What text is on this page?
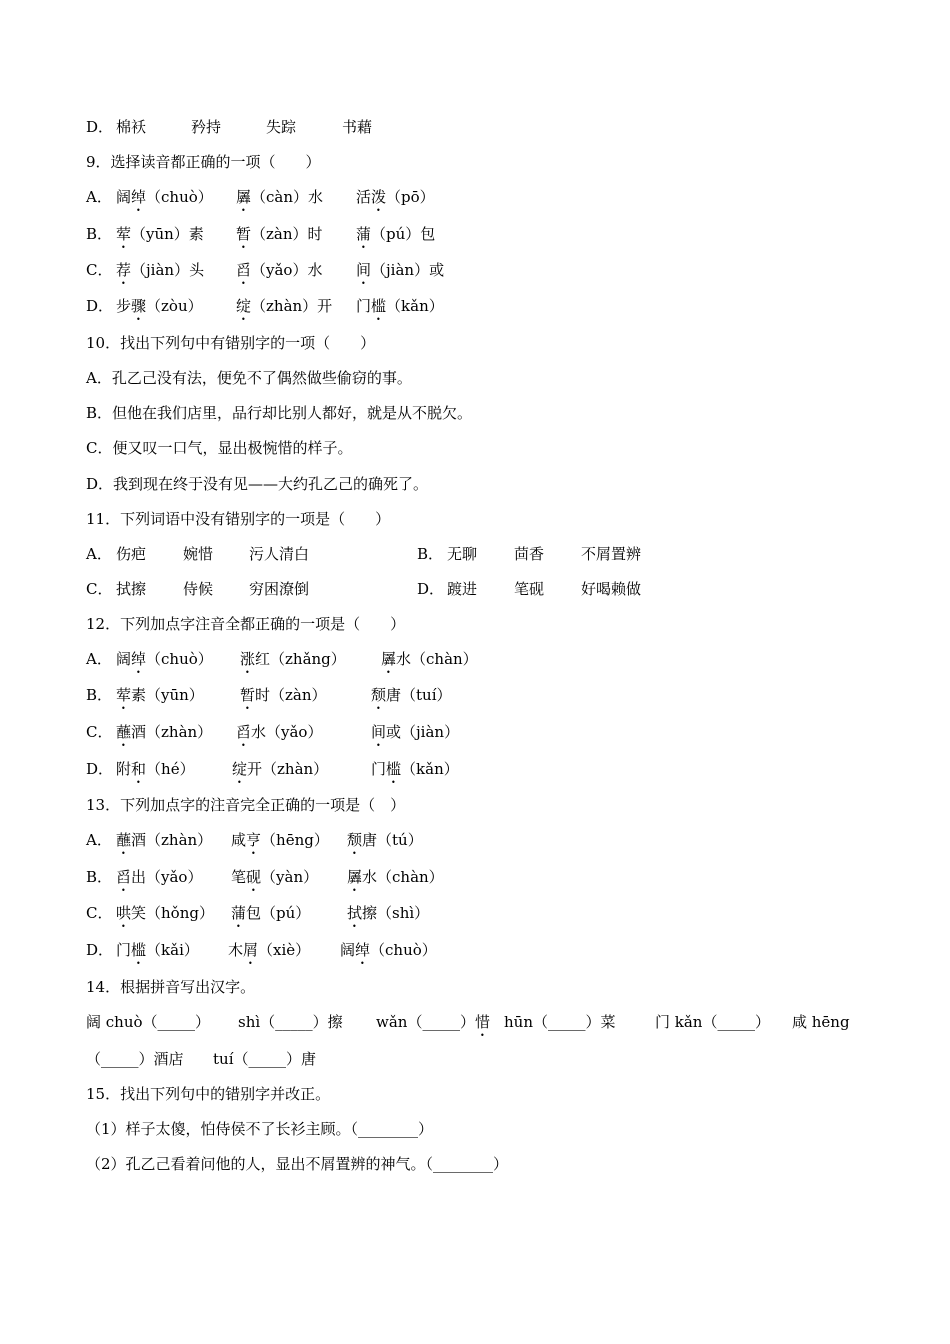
D． 棉袄	矜持	失踪	书藉
9．选择读音都正确的一项（　　）
A． 阔绰（chuò） 羼（càn）水 活泼（pō）
B． 荤（yūn）素 暂（zàn）时 蒲（pú）包
C． 荐（jiàn）头 舀（yǎo）水 间（jiàn）或
D． 步骤（zòu） 绽（zhàn）开 门槛（kǎn）
10．找出下列句中有错别字的一项（　　）
A．孔乙己没有法，便免不了偶然做些偷窃的事。
B．但他在我们店里，品行却比别人都好，就是从不脱欠。
C．便又叹一口气，显出极惋惜的样子。
D．我到现在终于没有见——大约孔乙己的确死了。
11．下列词语中没有错别字的一项是（　　）
A． 伤疤 婉惜 污人清白	B． 无聊 茴香 不屑置辨
C． 拭擦 侍候 穷困潦倒	D． 踱进 笔砚 好喝赖做
12．下列加点字注音全都正确的一项是（　　）
A． 阔绰（chuò） 涨红（zhǎng） 羼水（chàn）
B． 荤素（yūn） 暂时（zàn）	颓唐（tuí）
C． 蘸酒（zhàn） 舀水（yǎo）	间或（jiàn）
D． 附和（hé） 绽开（zhàn）	门槛（kǎn）
13．下列加点字的注音完全正确的一项是（　）
A． 蘸酒（zhàn） 咸亨（hēng） 颓唐（tú）
B． 舀出（yǎo） 笔砚（yàn） 羼水（chàn）
C． 哄笑（hǒng） 蒲包（pú） 拭擦（shì）
D． 门槛（kǎi） 木屑（xiè） 阔绰（chuò）
14．根据拼音写出汉字。
阔 chuò（_____） shì（_____）擦 wǎn（_____）惜 hūn（_____）菜	门 kǎn（_____） 咸 hēng
（_____）酒店 tuí（_____）唐
15．找出下列句中的错别字并改正。
（1）样子太傻，怕侍侯不了长衫主顾。（________）
（2）孔乙己看着问他的人，显出不屑置辨的神气。（________）
